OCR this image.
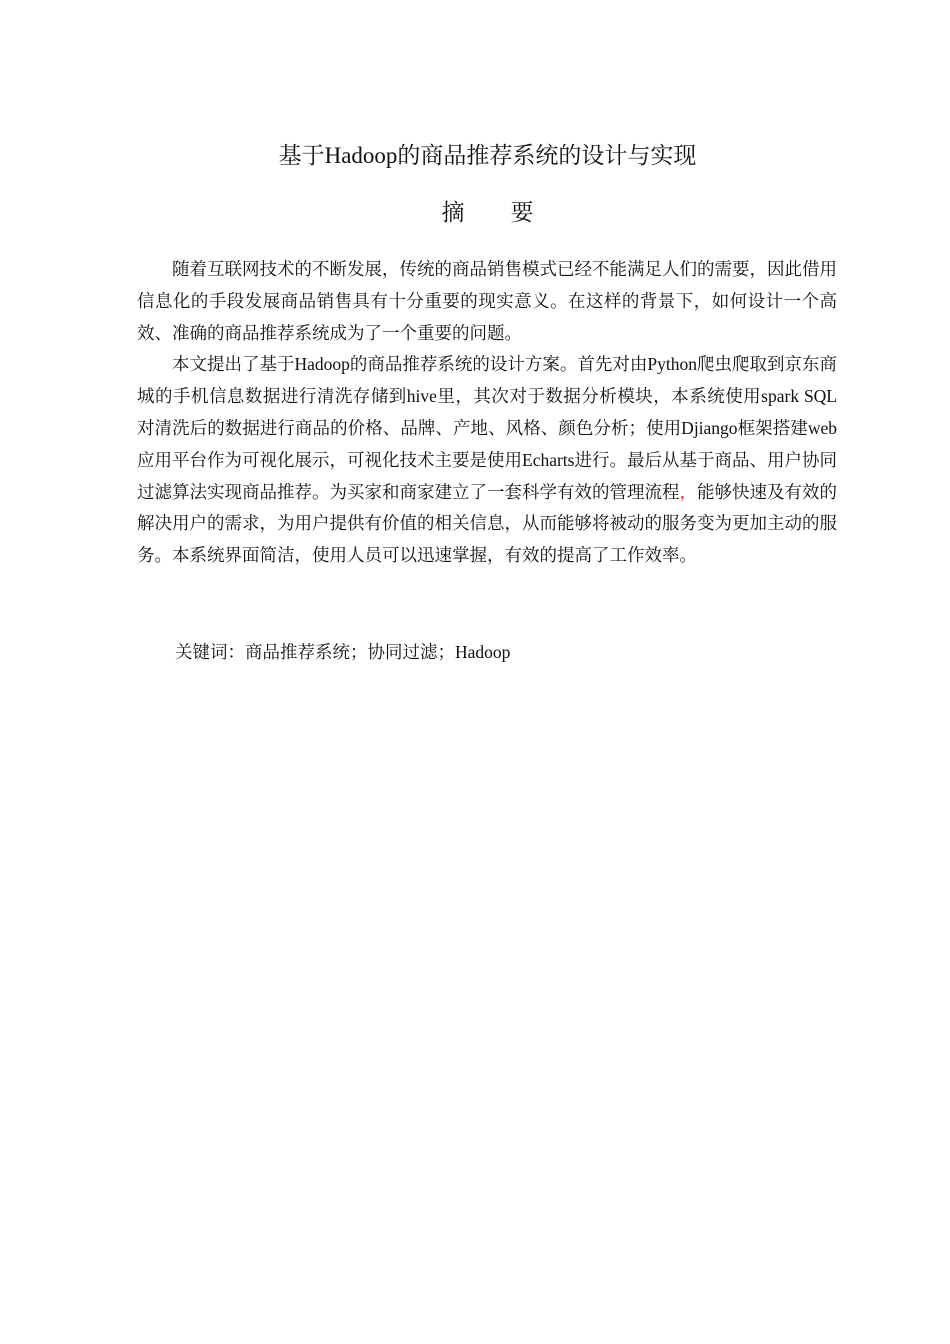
基于Hadoop的商品推荐系统的设计与实现
摘 要

随着互联网技术的不断发展，传统的商品销售模式已经不能满足人们的需要，因此借用信息化的手段发展商品销售具有十分重要的现实意义。在这样的背景下，如何设计一个高效、准确的商品推荐系统成为了一个重要的问题。

本文提出了基于Hadoop的商品推荐系统的设计方案。首先对由Python爬虫爬取到京东商城的手机信息数据进行清洗存储到hive里，其次对于数据分析模块，本系统使用spark SQL对清洗后的数据进行商品的价格、品牌、产地、风格、颜色分析；使用Djiango框架搭建web应用平台作为可视化展示，可视化技术主要是使用Echarts进行。最后从基于商品、用户协同过滤算法实现商品推荐。为买家和商家建立了一套科学有效的管理流程，能够快速及有效的解决用户的需求，为用户提供有价值的相关信息，从而能够将被动的服务变为更加主动的服务。本系统界面简洁，使用人员可以迅速掌握，有效的提高了工作效率。

关键词：商品推荐系统；协同过滤；Hadoop
